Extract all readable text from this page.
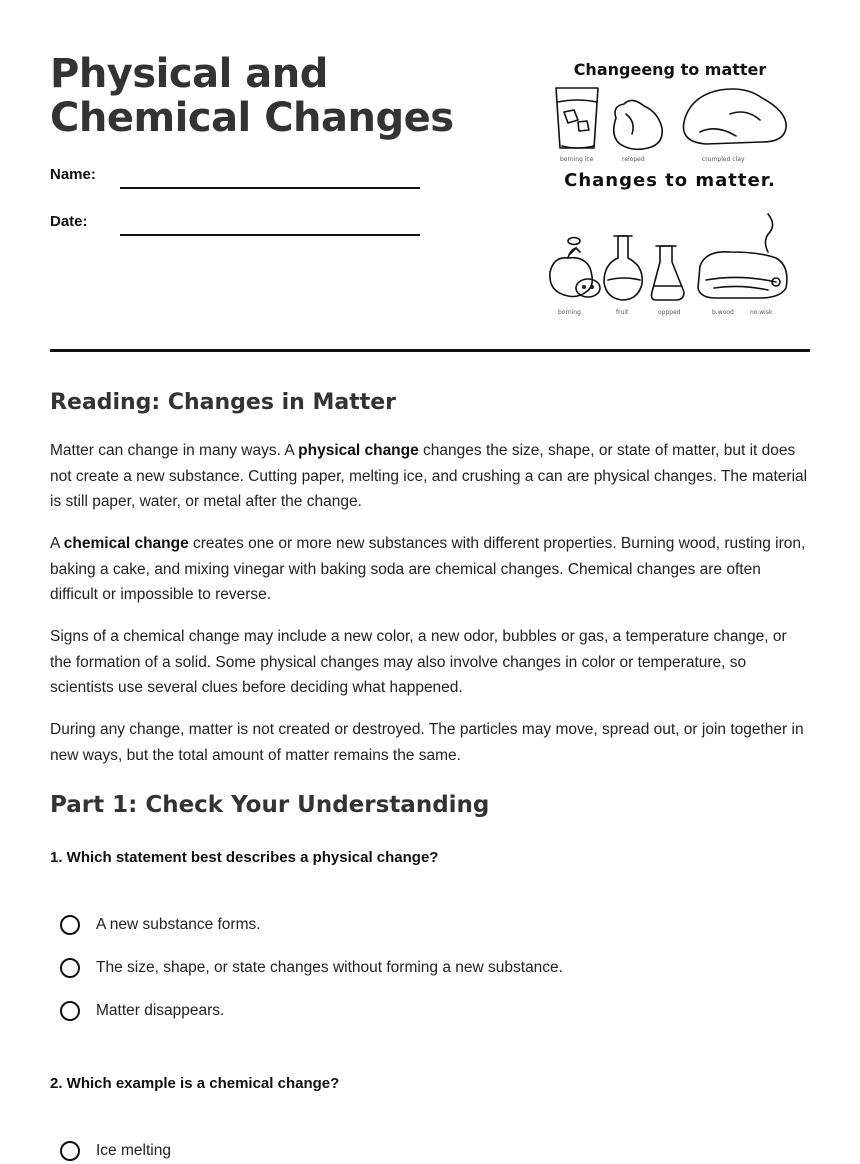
Physical and Chemical Changes
Name:
Date:
Changeeng to matter
borning ice	reloped	crumpled clay
Changes to matter.
borning	fruit	oppped	b.wood	no.wisk
Reading: Changes in Matter

Matter can change in many ways. A physical change changes the size, shape, or state of matter, but it does not create a new substance. Cutting paper, melting ice, and crushing a can are physical changes. The material is still paper, water, or metal after the change.

A chemical change creates one or more new substances with different properties. Burning wood, rusting iron, baking a cake, and mixing vinegar with baking soda are chemical changes. Chemical changes are often difficult or impossible to reverse.

Signs of a chemical change may include a new color, a new odor, bubbles or gas, a temperature change, or the formation of a solid. Some physical changes may also involve changes in color or temperature, so scientists use several clues before deciding what happened.

During any change, matter is not created or destroyed. The particles may move, spread out, or join together in new ways, but the total amount of matter remains the same.

Part 1: Check Your Understanding

1. Which statement best describes a physical change?

A new substance forms.
The size, shape, or state changes without forming a new substance.
Matter disappears.

2. Which example is a chemical change?

Ice melting
